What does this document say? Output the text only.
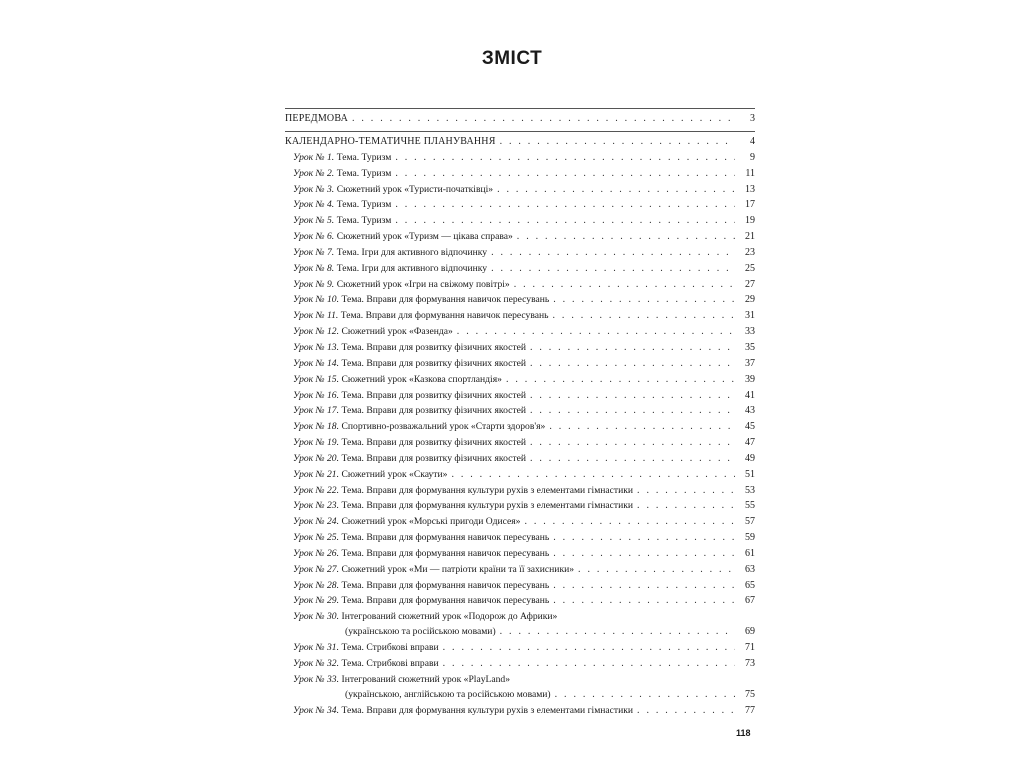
ЗМІСТ
ПЕРЕДМОВА . . .	3
КАЛЕНДАРНО-ТЕМАТИЧНЕ ПЛАНУВАННЯ . . .	4
Урок № 1. Тема. Туризм . . .	9
Урок № 2. Тема. Туризм . . .	11
Урок № 3. Сюжетний урок «Туристи-початківці» . . .	13
Урок № 4. Тема. Туризм . . .	17
Урок № 5. Тема. Туризм . . .	19
Урок № 6. Сюжетний урок «Туризм — цікава справа» . . .	21
Урок № 7. Тема. Ігри для активного відпочинку . . .	23
Урок № 8. Тема. Ігри для активного відпочинку . . .	25
Урок № 9. Сюжетний урок «Ігри на свіжому повітрі» . . .	27
Урок № 10. Тема. Вправи для формування навичок пересувань . . .	29
Урок № 11. Тема. Вправи для формування навичок пересувань . . .	31
Урок № 12. Сюжетний урок «Фазенда» . . .	33
Урок № 13. Тема. Вправи для розвитку фізичних якостей . . .	35
Урок № 14. Тема. Вправи для розвитку фізичних якостей . . .	37
Урок № 15. Сюжетний урок «Казкова спортландія» . . .	39
Урок № 16. Тема. Вправи для розвитку фізичних якостей . . .	41
Урок № 17. Тема. Вправи для розвитку фізичних якостей . . .	43
Урок № 18. Спортивно-розважальний урок «Старти здоров'я» . . .	45
Урок № 19. Тема. Вправи для розвитку фізичних якостей . . .	47
Урок № 20. Тема. Вправи для розвитку фізичних якостей . . .	49
Урок № 21. Сюжетний урок «Скаути» . . .	51
Урок № 22. Тема. Вправи для формування культури рухів з елементами гімнастики . . .	53
Урок № 23. Тема. Вправи для формування культури рухів з елементами гімнастики . . .	55
Урок № 24. Сюжетний урок «Морські пригоди Одисея» . . .	57
Урок № 25. Тема. Вправи для формування навичок пересувань . . .	59
Урок № 26. Тема. Вправи для формування навичок пересувань . . .	61
Урок № 27. Сюжетний урок «Ми — патріоти країни та її захисники» . . .	63
Урок № 28. Тема. Вправи для формування навичок пересувань . . .	65
Урок № 29. Тема. Вправи для формування навичок пересувань . . .	67
Урок № 30. Інтегрований сюжетний урок «Подорож до Африки»
(українською та російською мовами) . . .	69
Урок № 31. Тема. Стрибкові вправи . . .	71
Урок № 32. Тема. Стрибкові вправи . . .	73
Урок № 33. Інтегрований сюжетний урок «PlayLand»
(українською, англійською та російською мовами) . . .	75
Урок № 34. Тема. Вправи для формування культури рухів з елементами гімнастики . . .	77
118
